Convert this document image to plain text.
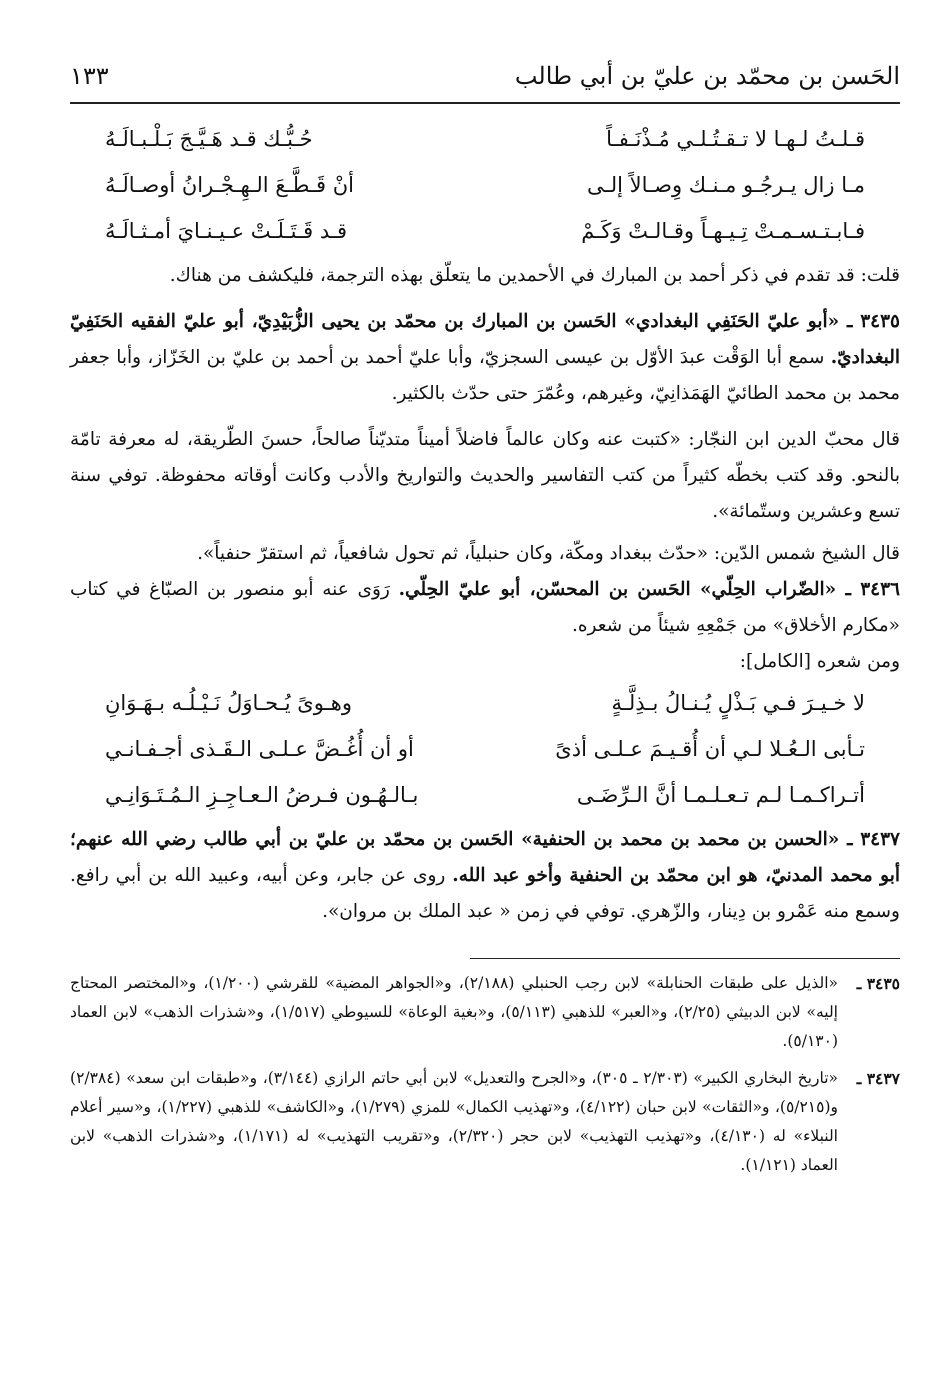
الحَسن بن محمّد بن عليّ بن أبي طالب
١٣٣
قـلـتُ لـهـا لا تـقـتُـلـي مُـذْنَـفـاً
حُـبُّـك قـد هَـيَّـجَ بَـلْـبـالَـهُ
مـا زال يـرجُـو مـنـك وِصـالاً إلـى
أنْ قَـطَّـعَ الـهِـجْـرانُ أوصـالَـهُ
فـابـتـسـمـتْ تِـيـهـاً وقـالـتْ وَكَـمْ
قـد قَـتَـلَـتْ عـيـنـايَ أمـثـالَـهُ

قلت: قد تقدم في ذكر أحمد بن المبارك في الأحمدين ما يتعلّق بهذه الترجمة، فليكشف من هناك.

٣٤٣٥ ـ «أبو عليّ الحَنَفِي البغدادي» الحَسن بن المبارك بن محمّد بن يحيى الزُّبَيْدِيّ، أبو عليّ الفقيه الحَنَفِيّ البغداديّ. سمع أبا الوَقْت عبدَ الأوّل بن عيسى السجزيّ، وأبا عليّ أحمد بن أحمد بن عليّ بن الخَزّاز، وأبا جعفر محمد بن محمد الطائيّ الهَمَذانِيّ، وغيرهم، وعُمّرَ حتى حدّث بالكثير.

قال محبّ الدين ابن النجّار: «كتبت عنه وكان عالماً فاضلاً أميناً متديّناً صالحاً، حسنَ الطّريقة، له معرفة تامّة بالنحو. وقد كتب بخطّه كثيراً من كتب التفاسير والحديث والتواريخ والأدب وكانت أوقاته محفوظة. توفي سنة تسع وعشرين وستّمائة».

قال الشيخ شمس الدّين: «حدّث ببغداد ومكّة، وكان حنبلياً، ثم تحول شافعياً، ثم استقرّ حنفياً».

٣٤٣٦ ـ «الضّراب الحِلّي» الحَسن بن المحسّن، أبو عليّ الحِلّي. رَوَى عنه أبو منصور بن الصبّاغ في كتاب «مكارم الأخلاق» من جَمْعِهِ شيئاً من شعره.

ومن شعره [الكامل]:

لا خـيـرَ فـي بَـذْلٍ يُـنـالُ بـذِلَّـةٍ
وهـوىً يُـحـاوَلُ نَـيْـلُـه بـهَـوَانِ
تـأبى الـعُـلا لـي أن أُقـيـمَ عـلـى أذىً
أو أن أُغُـضَّ عـلـى الـقَـذى أجـفـانـي
أتـراكـمـا لـم تـعـلـمـا أنَّ الـرِّضَـى
بـالـهُـون فـرضُ الـعـاجِـزِ الـمُـتَـوَانِـي

٣٤٣٧ ـ «الحسن بن محمد بن محمد بن الحنفية» الحَسن بن محمّد بن عليّ بن أبي طالب رضي الله عنهم؛ أبو محمد المدنيّ، هو ابن محمّد بن الحنفية وأخو عبد الله. روى عن جابر، وعن أبيه، وعبيد الله بن أبي رافع. وسمع منه عَمْرو بن دِينار، والزّهري. توفي في زمن « عبد الملك بن مروان».

٣٤٣٥ ـ
«الذيل على طبقات الحنابلة» لابن رجب الحنبلي (٢/١٨٨)، و«الجواهر المضية» للقرشي (١/٢٠٠)، و«المختصر المحتاج إليه» لابن الدبيثي (٢/٢٥)، و«العبر» للذهبي (٥/١١٣)، و«بغية الوعاة» للسيوطي (١/٥١٧)، و«شذرات الذهب» لابن العماد (٥/١٣٠).
٣٤٣٧ ـ
«تاريخ البخاري الكبير» (٢/٣٠٣ ـ ٣٠٥)، و«الجرح والتعديل» لابن أبي حاتم الرازي (٣/١٤٤)، و«طبقات ابن سعد» (٢/٣٨٤) و(٥/٢١٥)، و«الثقات» لابن حبان (٤/١٢٢)، و«تهذيب الكمال» للمزي (١/٢٧٩)، و«الكاشف» للذهبي (١/٢٢٧)، و«سير أعلام النبلاء» له (٤/١٣٠)، و«تهذيب التهذيب» لابن حجر (٢/٣٢٠)، و«تقريب التهذيب» له (١/١٧١)، و«شذرات الذهب» لابن العماد (١/١٢١).
